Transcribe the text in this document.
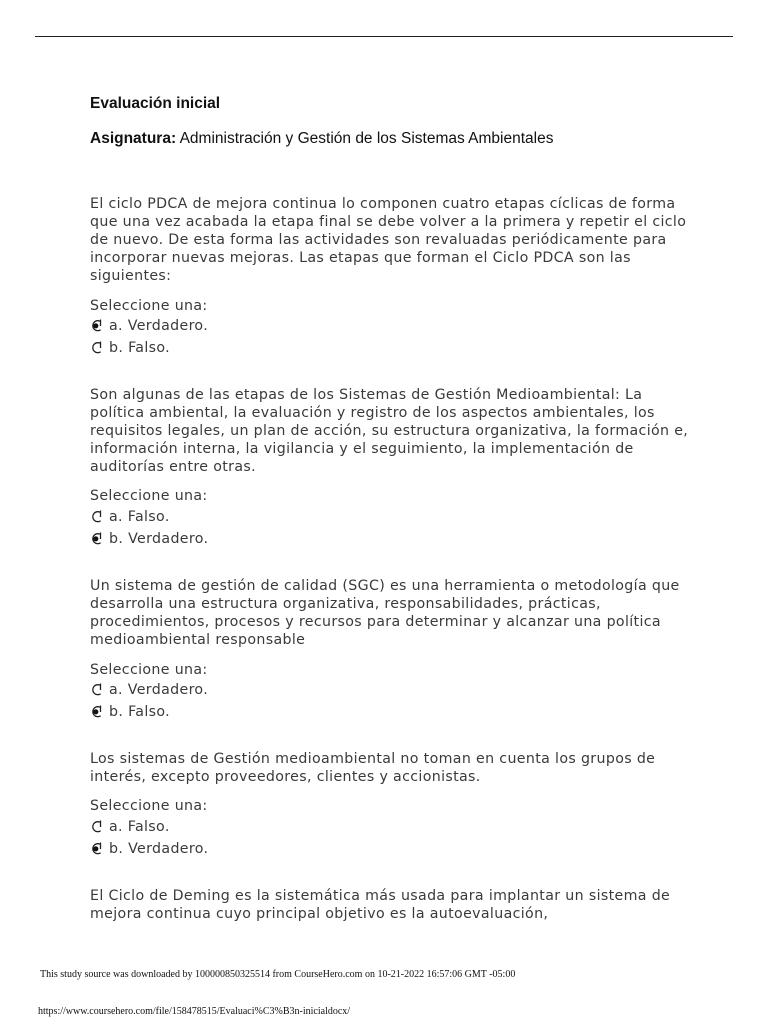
Evaluación inicial
Asignatura: Administración y Gestión de los Sistemas Ambientales
El ciclo PDCA de mejora continua lo componen cuatro etapas cíclicas de forma que una vez acabada la etapa final se debe volver a la primera y repetir el ciclo de nuevo. De esta forma las actividades son revaluadas periódicamente para incorporar nuevas mejoras. Las etapas que forman el Ciclo PDCA son las siguientes:
Seleccione una:
a. Verdadero.
b. Falso.
Son algunas de las etapas de los Sistemas de Gestión Medioambiental: La política ambiental, la evaluación y registro de los aspectos ambientales, los requisitos legales, un plan de acción, su estructura organizativa, la formación e, información interna, la vigilancia y el seguimiento, la implementación de auditorías entre otras.
Seleccione una:
a. Falso.
b. Verdadero.
Un sistema de gestión de calidad (SGC) es una herramienta o metodología que desarrolla una estructura organizativa, responsabilidades, prácticas, procedimientos, procesos y recursos para determinar y alcanzar una política medioambiental responsable
Seleccione una:
a. Verdadero.
b. Falso.
Los sistemas de Gestión medioambiental no toman en cuenta los grupos de interés, excepto proveedores, clientes y accionistas.
Seleccione una:
a. Falso.
b. Verdadero.
El Ciclo de Deming es la sistemática más usada para implantar un sistema de mejora continua cuyo principal objetivo es la autoevaluación,
This study source was downloaded by 100000850325514 from CourseHero.com on 10-21-2022 16:57:06 GMT -05:00
https://www.coursehero.com/file/158478515/Evaluaci%C3%B3n-inicialdocx/
